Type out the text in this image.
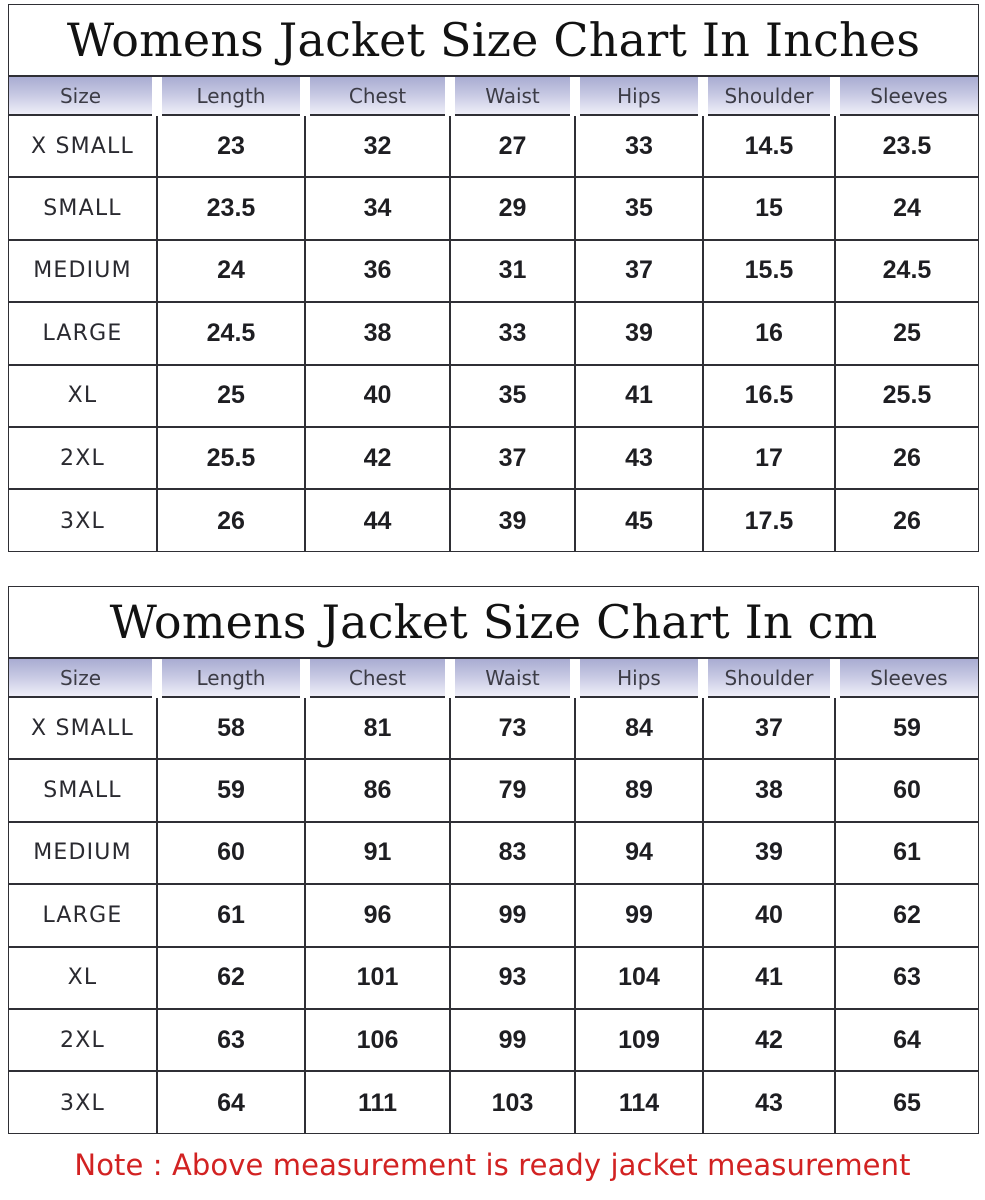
Womens Jacket Size Chart In Inches
Size	Length	Chest	Waist	Hips	Shoulder	Sleeves
X SMALL	23	32	27	33	14.5	23.5
SMALL	23.5	34	29	35	15	24
MEDIUM	24	36	31	37	15.5	24.5
LARGE	24.5	38	33	39	16	25
XL	25	40	35	41	16.5	25.5
2XL	25.5	42	37	43	17	26
3XL	26	44	39	45	17.5	26
Womens Jacket Size Chart In cm
Size	Length	Chest	Waist	Hips	Shoulder	Sleeves
X SMALL	58	81	73	84	37	59
SMALL	59	86	79	89	38	60
MEDIUM	60	91	83	94	39	61
LARGE	61	96	99	99	40	62
XL	62	101	93	104	41	63
2XL	63	106	99	109	42	64
3XL	64	111	103	114	43	65
Note : Above measurement is ready jacket measurement
